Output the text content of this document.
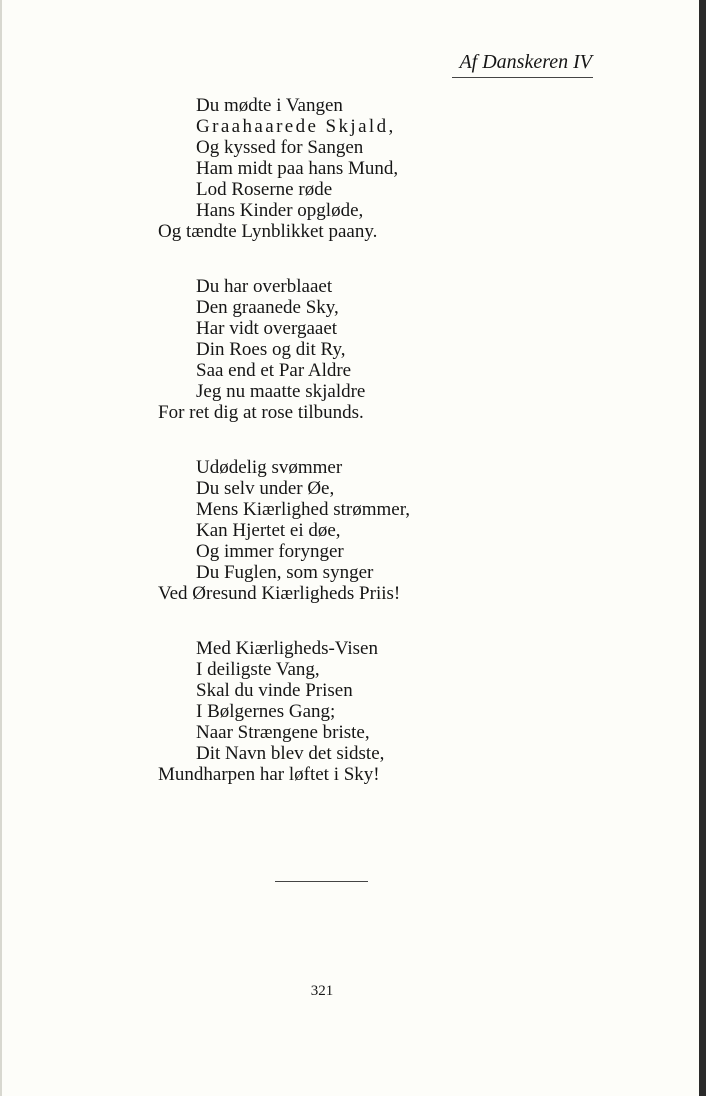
Af Danskeren IV
Du mødte i Vangen
Graahaarede Skjald,
Og kyssed for Sangen
Ham midt paa hans Mund,
Lod Roserne røde
Hans Kinder opgløde,
Og tændte Lynblikket paany.
Du har overblaaet
Den graanede Sky,
Har vidt overgaaet
Din Roes og dit Ry,
Saa end et Par Aldre
Jeg nu maatte skjaldre
For ret dig at rose tilbunds.
Udødelig svømmer
Du selv under Øe,
Mens Kiærlighed strømmer,
Kan Hjertet ei døe,
Og immer forynger
Du Fuglen, som synger
Ved Øresund Kiærligheds Priis!
Med Kiærligheds-Visen
I deiligste Vang,
Skal du vinde Prisen
I Bølgernes Gang;
Naar Strængene briste,
Dit Navn blev det sidste,
Mundharpen har løftet i Sky!
321
